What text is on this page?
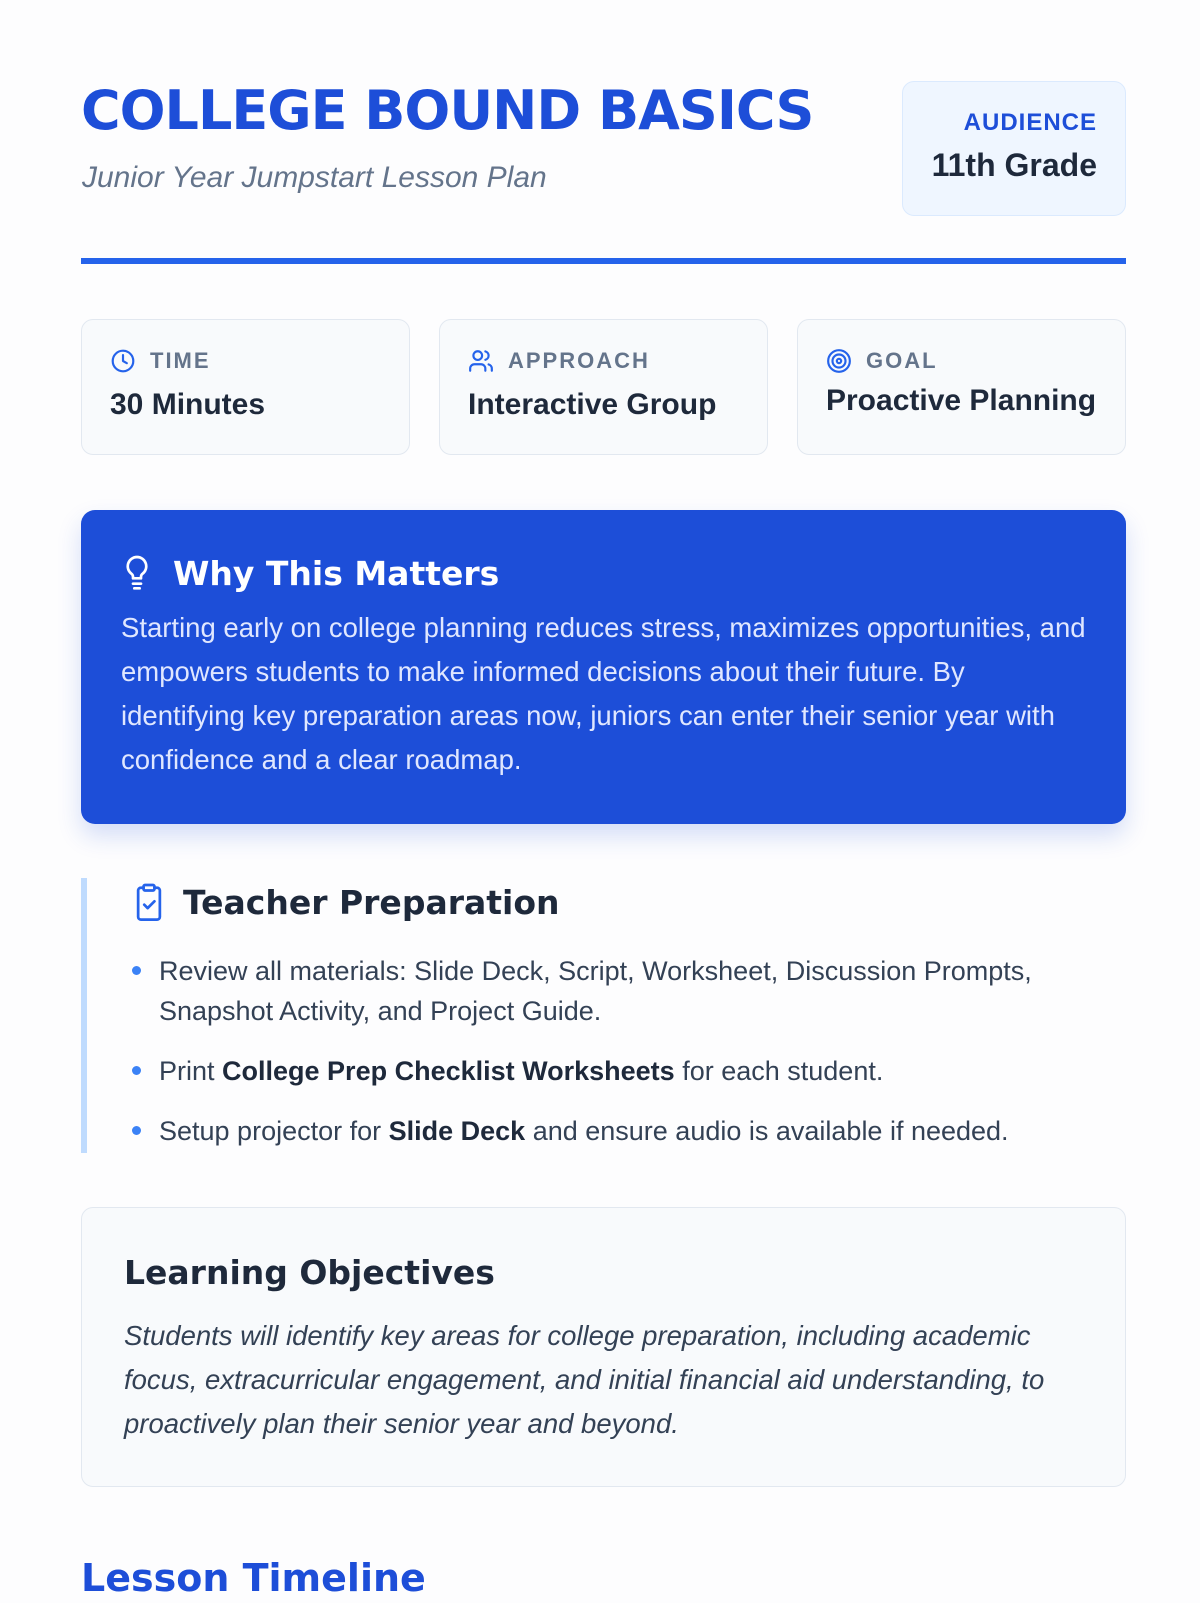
COLLEGE BOUND BASICS

Junior Year Jumpstart Lesson Plan

AUDIENCE
11th Grade
TIME
30 Minutes
APPROACH
Interactive Group
GOAL
Proactive Planning
Why This Matters

Starting early on college planning reduces stress, maximizes opportunities, and empowers students to make informed decisions about their future. By identifying key preparation areas now, juniors can enter their senior year with confidence and a clear roadmap.

Teacher Preparation
Review all materials: Slide Deck, Script, Worksheet, Discussion Prompts, Snapshot Activity, and Project Guide.
Print College Prep Checklist Worksheets for each student.
Setup projector for Slide Deck and ensure audio is available if needed.
Learning Objectives

Students will identify key areas for college preparation, including academic focus, extracurricular engagement, and initial financial aid understanding, to proactively plan their senior year and beyond.

Lesson Timeline
